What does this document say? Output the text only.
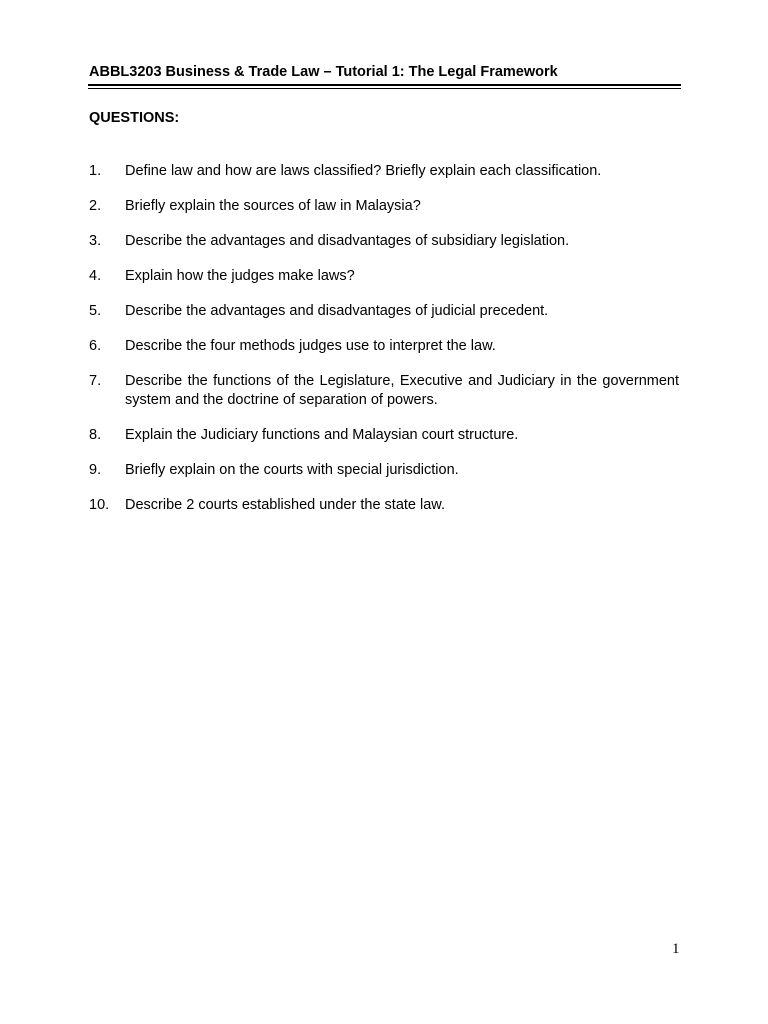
ABBL3203 Business & Trade Law – Tutorial 1: The Legal Framework
QUESTIONS:
1.	Define law and how are laws classified? Briefly explain each classification.
2.	Briefly explain the sources of law in Malaysia?
3.	Describe the advantages and disadvantages of subsidiary legislation.
4.	Explain how the judges make laws?
5.	Describe the advantages and disadvantages of judicial precedent.
6.	Describe the four methods judges use to interpret the law.
7.	Describe the functions of the Legislature, Executive and Judiciary in the government system and the doctrine of separation of powers.
8.	Explain the Judiciary functions and Malaysian court structure.
9.	Briefly explain on the courts with special jurisdiction.
10.	Describe 2 courts established under the state law.
1
